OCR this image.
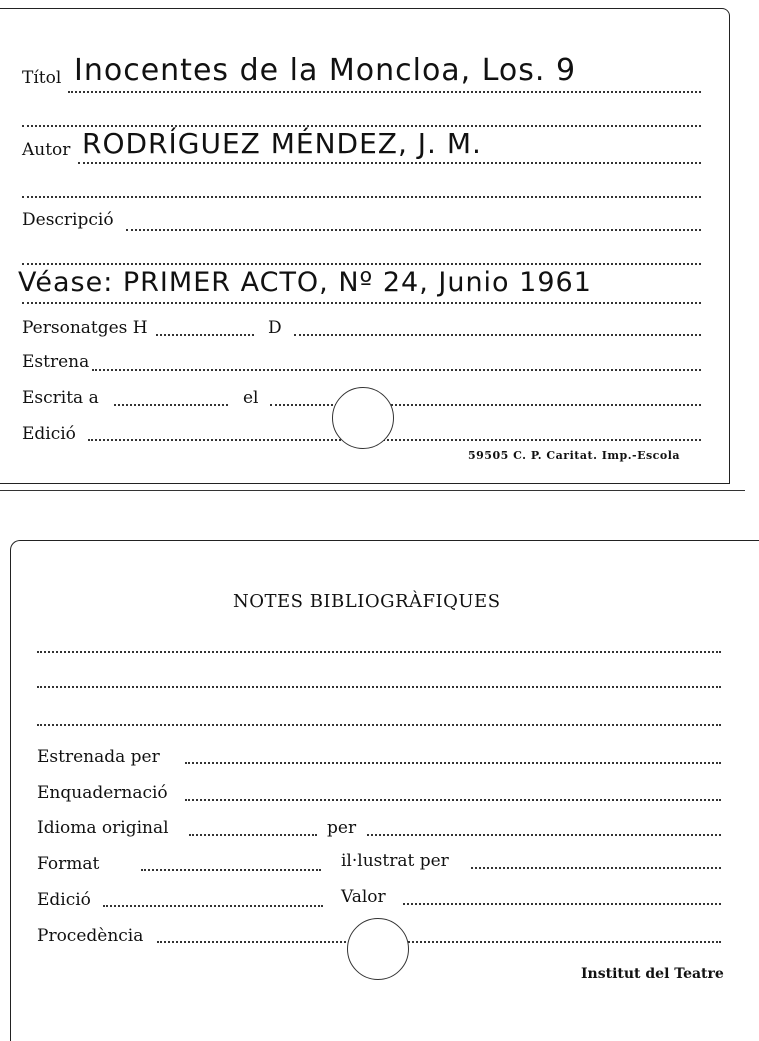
Títol Inocentes de la Moncloa, Los. 9
Autor RODRÍGUEZ MÉNDEZ, J. M.
Descripció
Véase: PRIMER ACTO, Nº 24, Junio 1961
Personatges H	D
Estrena
Escrita a	el
Edició
59505 C. P. Caritat. Imp.-Escola
NOTES BIBLIOGRÀFIQUES
Estrenada per
Enquadernació
Idioma original	per
Format	il·lustrat per
Edició	Valor
Procedència
Institut del Teatre
